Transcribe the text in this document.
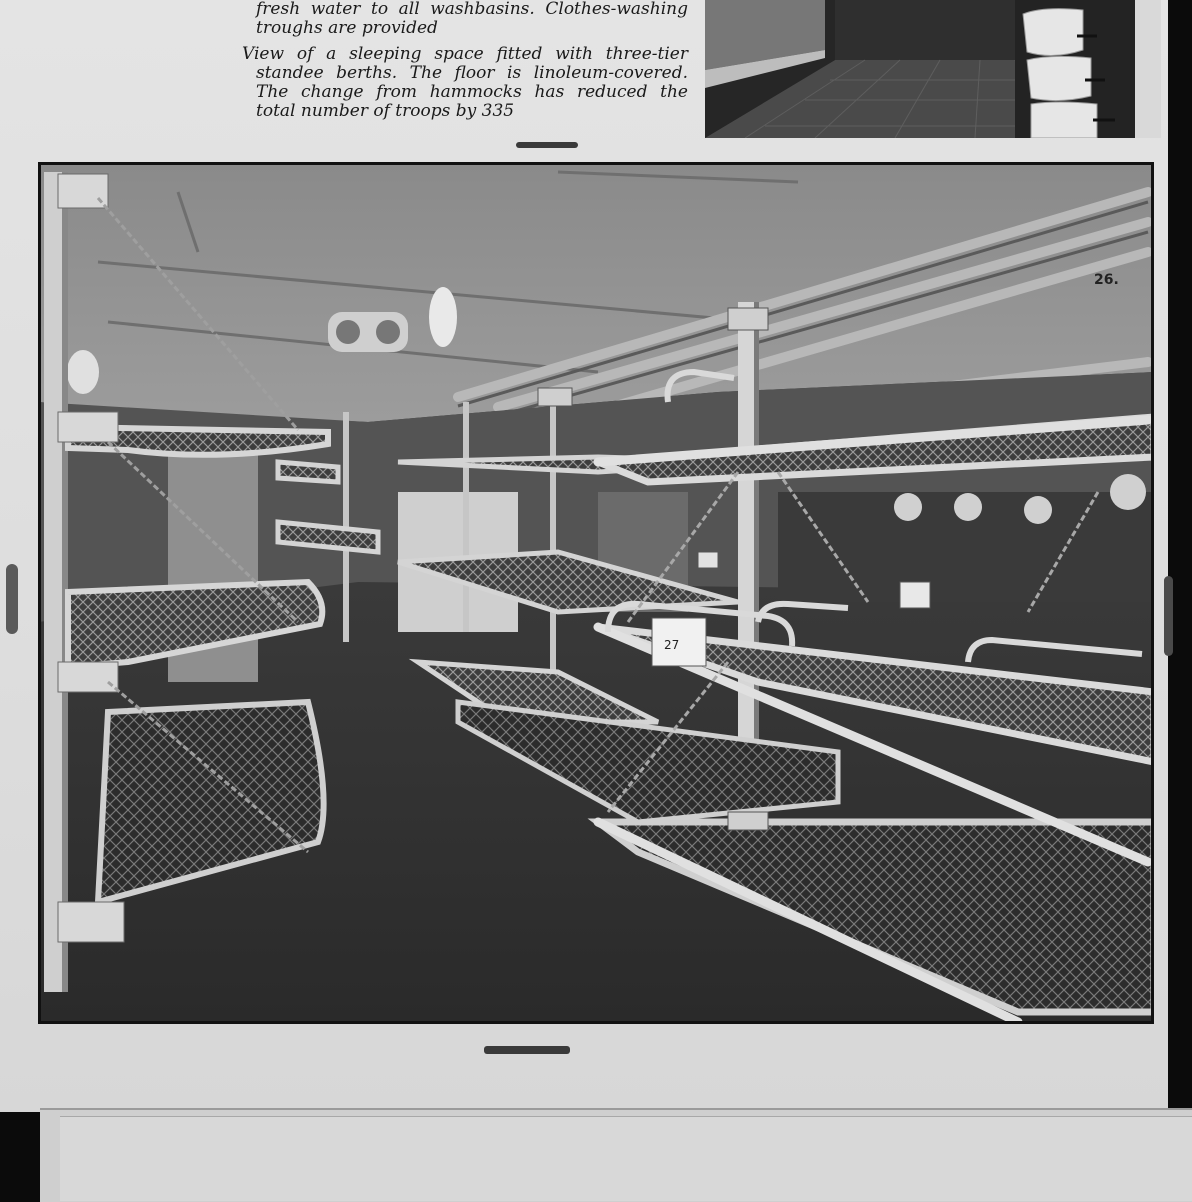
fresh water to all washbasins. Clothes-washing troughs are provided

View of a sleeping space fitted with three-tier standee berths. The floor is linoleum-covered. The change from hammocks has reduced the total number of troops by 335

26.
27
